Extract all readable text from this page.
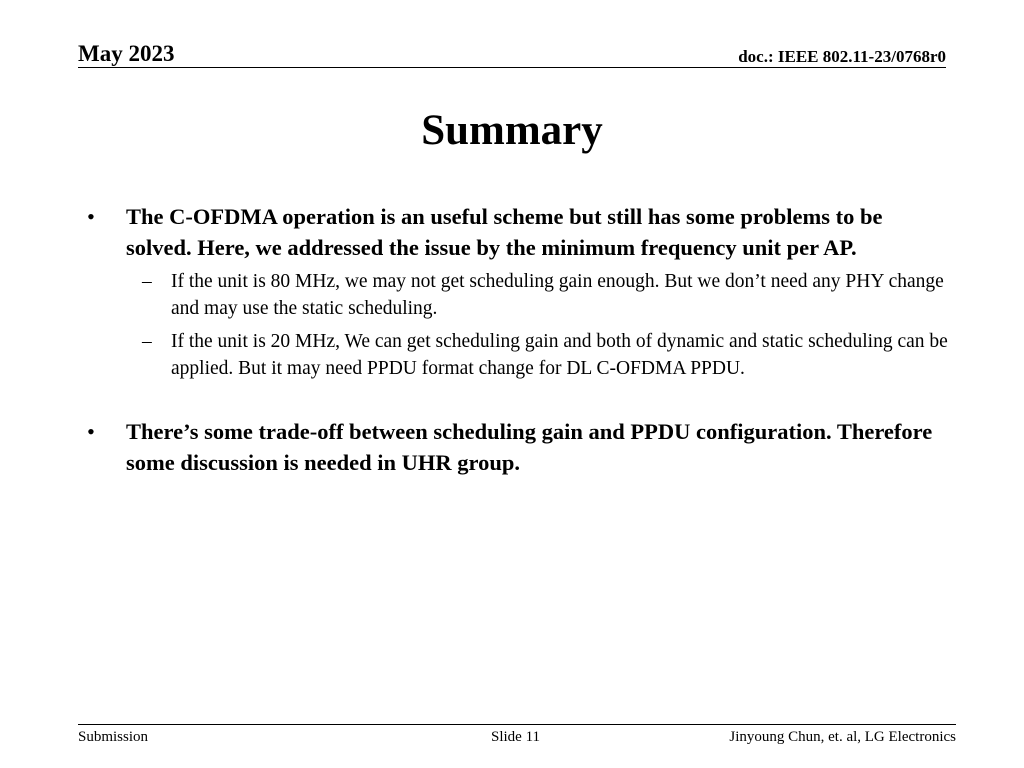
May 2023	doc.: IEEE 802.11-23/0768r0
Summary
• The C-OFDMA operation is an useful scheme but still has some problems to be solved. Here, we addressed the issue by the minimum frequency unit per AP.
– If the unit is 80 MHz, we may not get scheduling gain enough. But we don’t need any PHY change and may use the static scheduling.
– If the unit is 20 MHz, We can get scheduling gain and both of dynamic and static scheduling can be applied. But it may need PPDU format change for DL C-OFDMA PPDU.
• There’s some trade-off between scheduling gain and PPDU configuration. Therefore some discussion is needed in UHR group.
Submission	Slide 11	Jinyoung Chun, et. al, LG Electronics
